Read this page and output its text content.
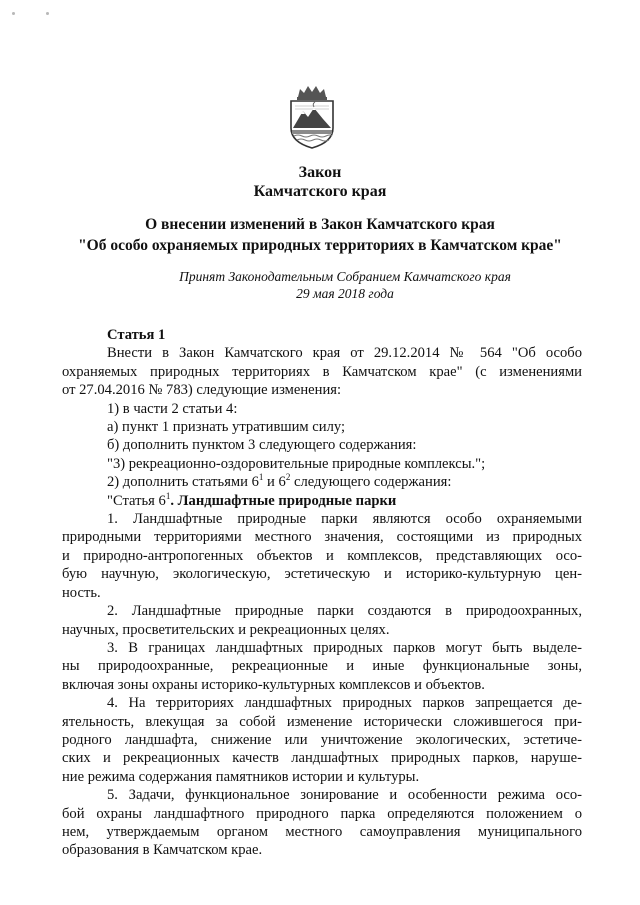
Закон
Камчатского края
О внесении изменений в Закон Камчатского края
"Об особо охраняемых природных территориях в Камчатском крае"
Принят Законодательным Собранием Камчатского края
29 мая 2018 года
Статья 1
Внести в Закон Камчатского края от 29.12.2014 № 564 "Об особо
охраняемых природных территориях в Камчатском крае" (с изменениями
от 27.04.2016 № 783) следующие изменения:
1) в части 2 статьи 4:
а) пункт 1 признать утратившим силу;
б) дополнить пунктом 3 следующего содержания:
"3) рекреационно-оздоровительные природные комплексы.";
2) дополнить статьями $6^1$ и $6^2$ следующего содержания:
"Статья $6^1$. Ландшафтные природные парки
1. Ландшафтные природные парки являются особо охраняемыми
природными территориями местного значения, состоящими из природных
и природно-антропогенных объектов и комплексов, представляющих осо-
бую научную, экологическую, эстетическую и историко-культурную цен-
ность.
2. Ландшафтные природные парки создаются в природоохранных,
научных, просветительских и рекреационных целях.
3. В границах ландшафтных природных парков могут быть выделе-
ны природоохранные, рекреационные и иные функциональные зоны,
включая зоны охраны историко-культурных комплексов и объектов.
4. На территориях ландшафтных природных парков запрещается де-
ятельность, влекущая за собой изменение исторически сложившегося при-
родного ландшафта, снижение или уничтожение экологических, эстетиче-
ских и рекреационных качеств ландшафтных природных парков, наруше-
ние режима содержания памятников истории и культуры.
5. Задачи, функциональное зонирование и особенности режима осо-
бой охраны ландшафтного природного парка определяются положением о
нем, утверждаемым органом местного самоуправления муниципального
образования в Камчатском крае.
